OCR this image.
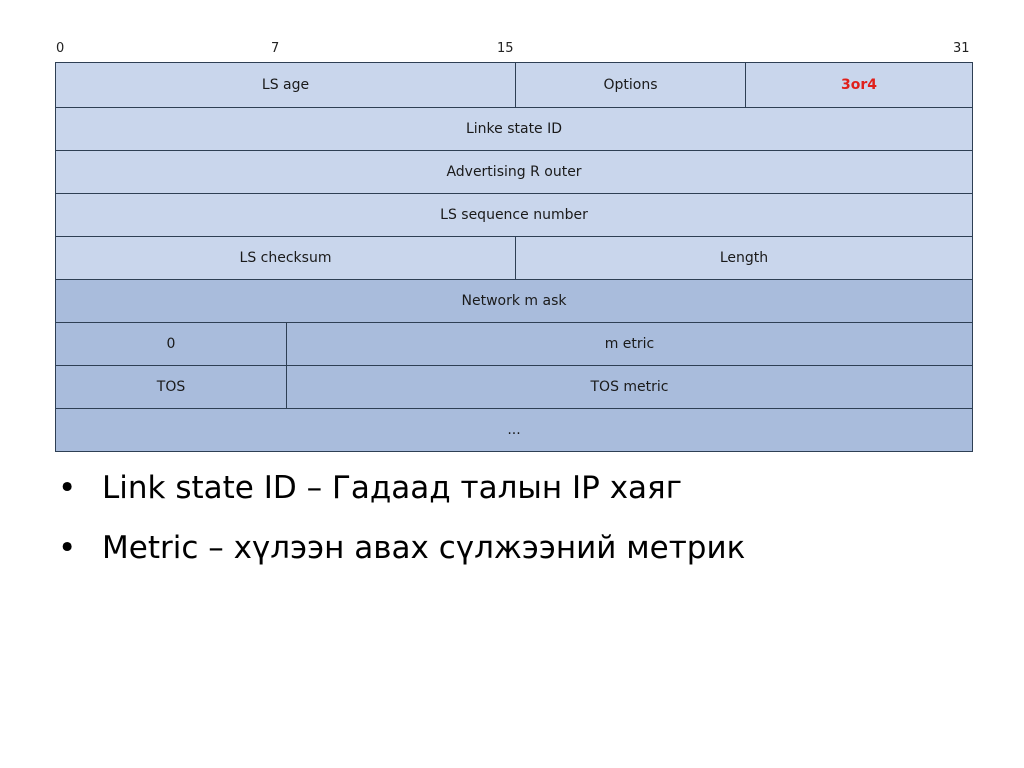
0	7	15	31
LS age	Options	3or4
Linke state ID
Advertising R outer
LS sequence number
LS checksum	Length
Network m ask
0	m etric
TOS	TOS metric
...
• Link state ID – Гадаад талын IP хаяг
• Metric – хүлээн авах сүлжээний метрик
